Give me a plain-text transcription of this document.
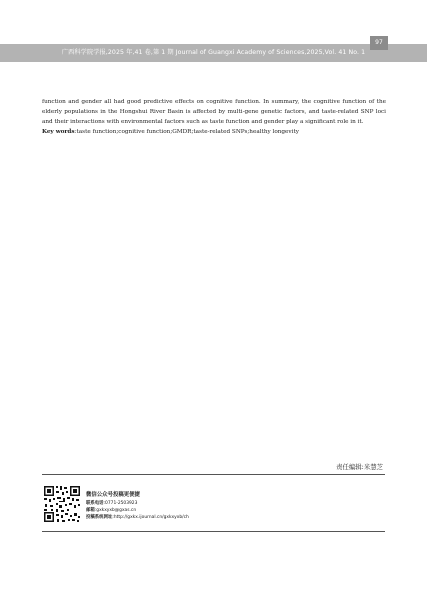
97
广西科学院学报,2025 年,41 卷,第 1 期 Journal of Guangxi Academy of Sciences,2025,Vol. 41 No. 1

function and gender all had good predictive effects on cognitive function. In summary, the cognitive function of the elderly populations in the Hongshui River Basin is affected by multi-gene genetic factors, and taste-related SNP loci and their interactions with environmental factors such as taste function and gender play a significant role in it.

Key words:taste function;cognitive function;GMDR;taste-related SNPs;healthy longevity

责任编辑:米慧芝
微信公众号投稿更便捷
联系电话:0771-2503923
邮箱:gxkxyxb@gxas.cn
投稿系统网址:http://gxkx.ijournal.cn/gxkxyxb/ch
